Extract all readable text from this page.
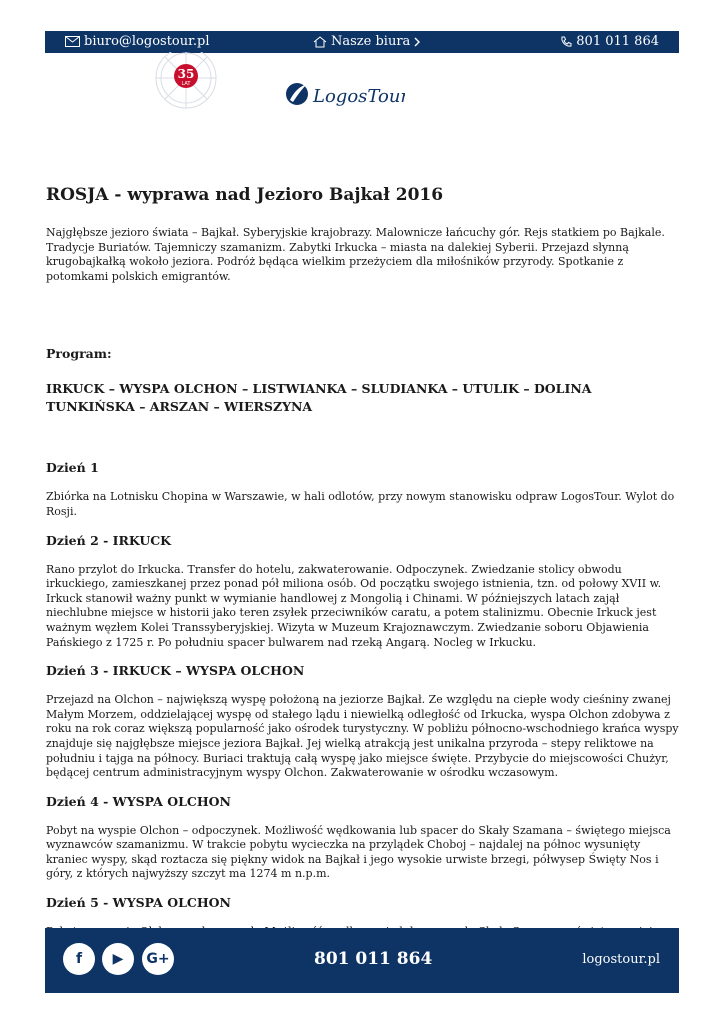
biuro@logostour.pl	Nasze biura	801 011 864
35
LAT
LogosTour
ROSJA - wyprawa nad Jezioro Bajkał 2016

Najgłębsze jezioro świata – Bajkał. Syberyjskie krajobrazy. Malownicze łańcuchy gór. Rejs statkiem po Bajkale. Tradycje Buriatów. Tajemniczy szamanizm. Zabytki Irkucka – miasta na dalekiej Syberii. Przejazd słynną krugobajkałką wokoło jeziora. Podróż będąca wielkim przeżyciem dla miłośników przyrody. Spotkanie z potomkami polskich emigrantów.

Program:
IRKUCK – WYSPA OLCHON – LISTWIANKA – SLUDIANKA – UTULIK – DOLINA TUNKIŃSKA – ARSZAN – WIERSZYNA
Dzień 1

Zbiórka na Lotnisku Chopina w Warszawie, w hali odlotów, przy nowym stanowisku odpraw LogosTour. Wylot do Rosji.

Dzień 2 - IRKUCK

Rano przylot do Irkucka. Transfer do hotelu, zakwaterowanie. Odpoczynek. Zwiedzanie stolicy obwodu irkuckiego, zamieszkanej przez ponad pół miliona osób. Od początku swojego istnienia, tzn. od połowy XVII w. Irkuck stanowił ważny punkt w wymianie handlowej z Mongolią i Chinami. W późniejszych latach zajął niechlubne miejsce w historii jako teren zsyłek przeciwników caratu, a potem stalinizmu. Obecnie Irkuck jest ważnym węzłem Kolei Transsyberyjskiej. Wizyta w Muzeum Krajoznawczym. Zwiedzanie soboru Objawienia Pańskiego z 1725 r. Po południu spacer bulwarem nad rzeką Angarą. Nocleg w Irkucku.

Dzień 3 - IRKUCK – WYSPA OLCHON

Przejazd na Olchon – największą wyspę położoną na jeziorze Bajkał. Ze względu na ciepłe wody cieśniny zwanej Małym Morzem, oddzielającej wyspę od stałego lądu i niewielką odległość od Irkucka, wyspa Olchon zdobywa z roku na rok coraz większą popularność jako ośrodek turystyczny. W pobliżu północno-wschodniego krańca wyspy znajduje się najgłębsze miejsce jeziora Bajkał. Jej wielką atrakcją jest unikalna przyroda – stepy reliktowe na południu i tajga na północy. Buriaci traktują całą wyspę jako miejsce święte. Przybycie do miejscowości Chużyr, będącej centrum administracyjnym wyspy Olchon. Zakwaterowanie w ośrodku wczasowym.

Dzień 4 - WYSPA OLCHON

Pobyt na wyspie Olchon – odpoczynek. Możliwość wędkowania lub spacer do Skały Szamana – świętego miejsca wyznawców szamanizmu. W trakcie pobytu wycieczka na przylądek Choboj – najdalej na północ wysunięty kraniec wyspy, skąd roztacza się piękny widok na Bajkał i jego wysokie urwiste brzegi, półwysep Święty Nos i góry, z których najwyższy szczyt ma 1274 m n.p.m.

Dzień 5 - WYSPA OLCHON

f	▶	G+	801 011 864	logostour.pl
